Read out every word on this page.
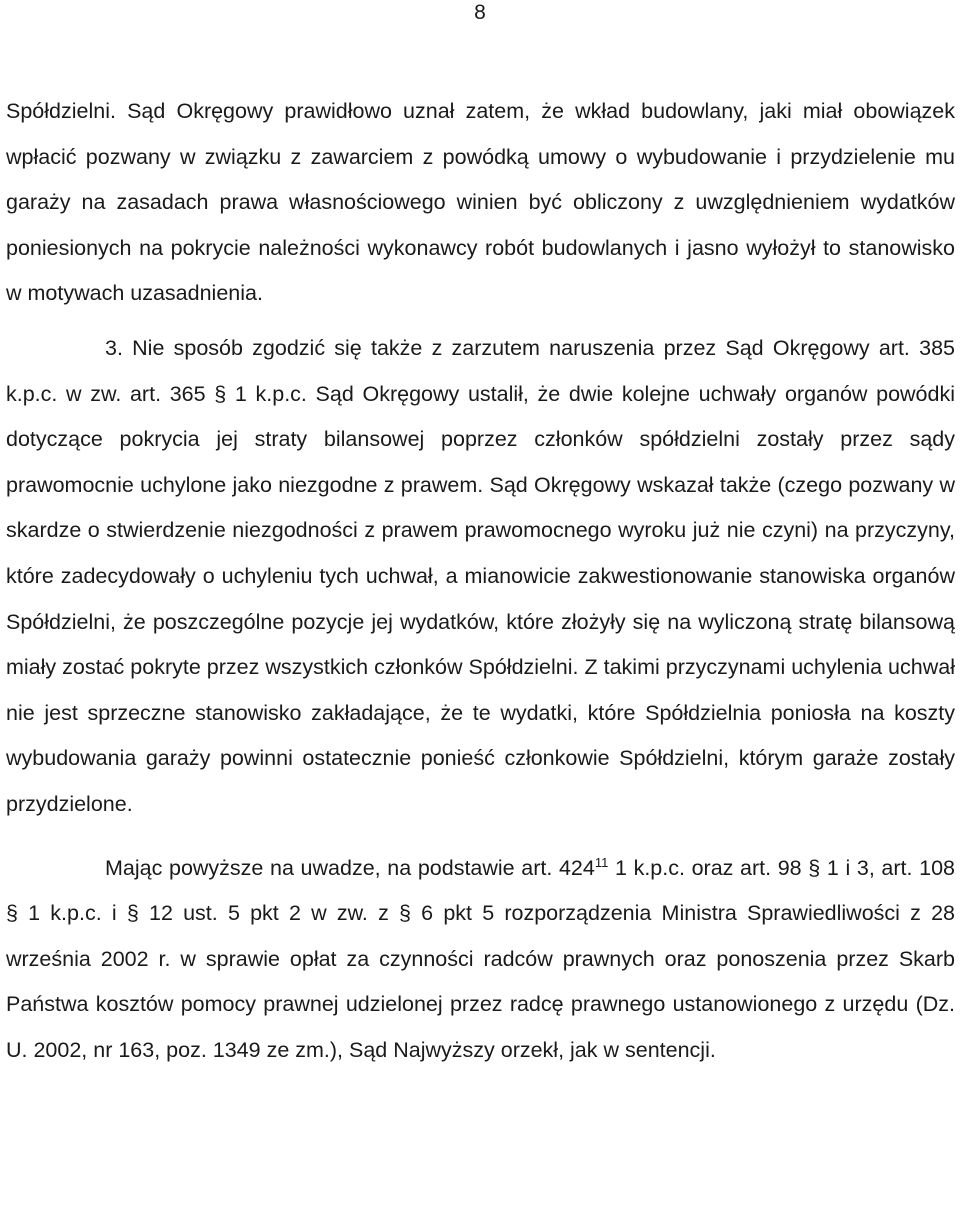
8

Spółdzielni. Sąd Okręgowy prawidłowo uznał zatem, że wkład budowlany, jaki miał obowiązek wpłacić pozwany w związku z zawarciem z powódką umowy o wybudowanie i przydzielenie mu garaży na zasadach prawa własnościowego winien być obliczony z uwzględnieniem wydatków poniesionych na pokrycie należności wykonawcy robót budowlanych i jasno wyłożył to stanowisko w motywach uzasadnienia.

3. Nie sposób zgodzić się także z zarzutem naruszenia przez Sąd Okręgowy art. 385 k.p.c. w zw. art. 365 § 1 k.p.c. Sąd Okręgowy ustalił, że dwie kolejne uchwały organów powódki dotyczące pokrycia jej straty bilansowej poprzez członków spółdzielni zostały przez sądy prawomocnie uchylone jako niezgodne z prawem. Sąd Okręgowy wskazał także (czego pozwany w skardze o stwierdzenie niezgodności z prawem prawomocnego wyroku już nie czyni) na przyczyny, które zadecydowały o uchyleniu tych uchwał, a mianowicie zakwestionowanie stanowiska organów Spółdzielni, że poszczególne pozycje jej wydatków, które złożyły się na wyliczoną stratę bilansową miały zostać pokryte przez wszystkich członków Spółdzielni. Z takimi przyczynami uchylenia uchwał nie jest sprzeczne stanowisko zakładające, że te wydatki, które Spółdzielnia poniosła na koszty wybudowania garaży powinni ostatecznie ponieść członkowie Spółdzielni, którym garaże zostały przydzielone.

Mając powyższe na uwadze, na podstawie art. $424^{11}$ 1 k.p.c. oraz art. 98 § 1 i 3, art. 108 § 1 k.p.c. i § 12 ust. 5 pkt 2 w zw. z § 6 pkt 5 rozporządzenia Ministra Sprawiedliwości z 28 września 2002 r. w sprawie opłat za czynności radców prawnych oraz ponoszenia przez Skarb Państwa kosztów pomocy prawnej udzielonej przez radcę prawnego ustanowionego z urzędu (Dz. U. 2002, nr 163, poz. 1349 ze zm.), Sąd Najwyższy orzekł, jak w sentencji.
